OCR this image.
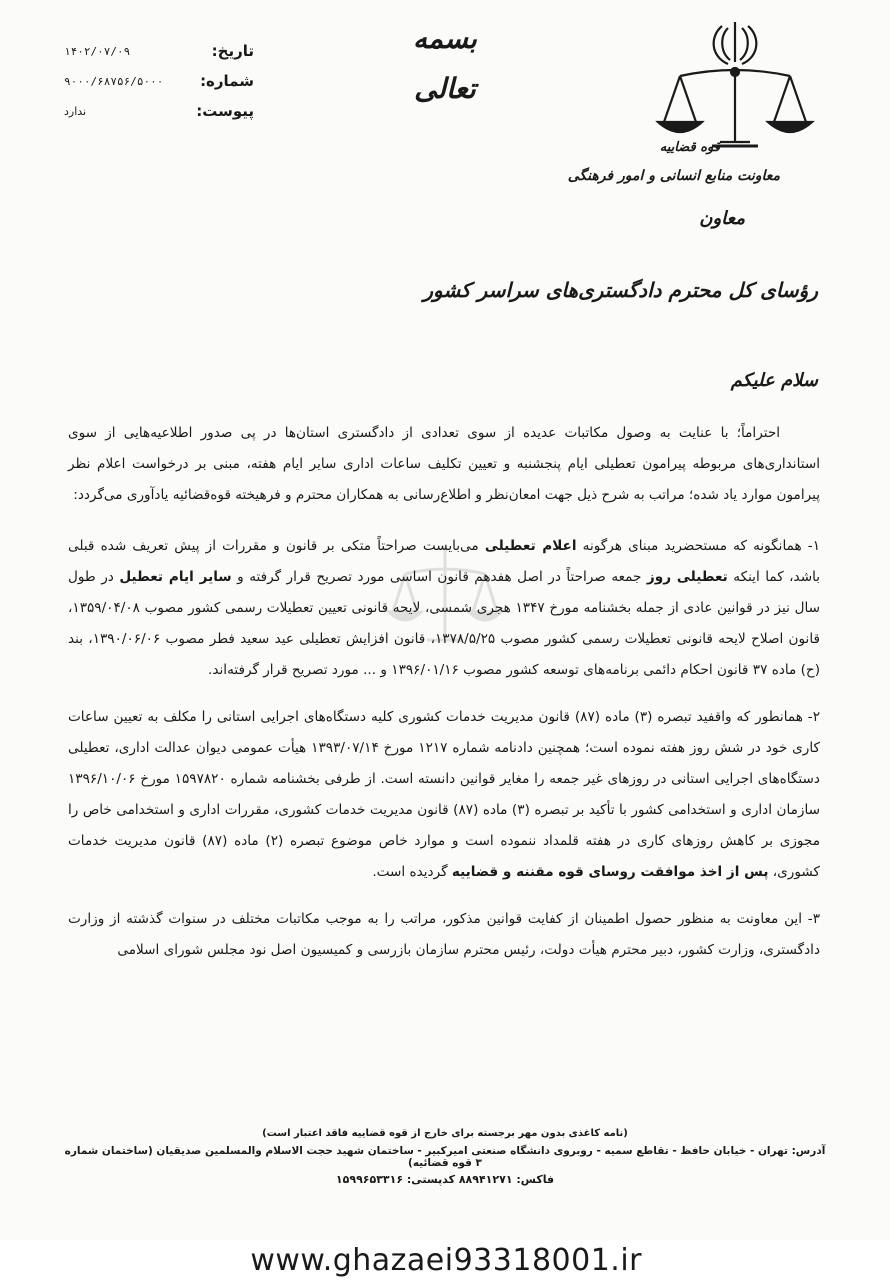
قوه قضاییه
معاونت منابع انسانی و امور فرهنگی
معاون
بسمه تعالی
تاریخ:
۱۴۰۲/۰۷/۰۹
شماره:
۹۰۰۰/۶۸۷۵۶/۵۰۰۰
پیوست:
ندارد
رؤسای کل محترم دادگستری‌های سراسر کشور
سلام علیکم

احتراماً؛ با عنایت به وصول مکاتبات عدیده از سوی تعدادی از دادگستری استان‌ها در پی صدور اطلاعیه‌هایی از سوی استانداری‌های مربوطه پیرامون تعطیلی ایام پنجشنبه و تعیین تکلیف ساعات اداری سایر ایام هفته، مبنی بر درخواست اعلام نظر پیرامون موارد یاد شده؛ مراتب به شرح ذیل جهت امعان‌نظر و اطلاع‌رسانی به همکاران محترم و فرهیخته قوه‌قضائیه یادآوری می‌گردد:

۱- همانگونه که مستحضرید مبنای هرگونه اعلام تعطیلی می‌بایست صراحتاً متکی بر قانون و مقررات از پیش تعریف شده قبلی باشد، کما اینکه تعطیلی روز جمعه صراحتاً در اصل هفدهم قانون اساسی مورد تصریح قرار گرفته و سایر ایام تعطیل در طول سال نیز در قوانین عادی از جمله بخشنامه مورخ ۱۳۴۷ هجری شمسی، لایحه قانونی تعیین تعطیلات رسمی کشور مصوب ۱۳۵۹/۰۴/۰۸، قانون اصلاح لایحه قانونی تعطیلات رسمی کشور مصوب ۱۳۷۸/۵/۲۵، قانون افزایش تعطیلی عید سعید فطر مصوب ۱۳۹۰/۰۶/۰۶، بند (ح) ماده ۳۷ قانون احکام دائمی برنامه‌های توسعه کشور مصوب ۱۳۹۶/۰۱/۱۶ و ... مورد تصریح قرار گرفته‌اند.

۲- همانطور که واقفید تبصره (۳) ماده (۸۷) قانون مدیریت خدمات کشوری کلیه دستگاه‌های اجرایی استانی را مکلف به تعیین ساعات کاری خود در شش روز هفته نموده است؛ همچنین دادنامه شماره ۱۲۱۷ مورخ ۱۳۹۳/۰۷/۱۴ هیأت عمومی دیوان عدالت اداری، تعطیلی دستگاه‌های اجرایی استانی در روزهای غیر جمعه را مغایر قوانین دانسته است. از طرفی بخشنامه شماره ۱۵۹۷۸۲۰ مورخ ۱۳۹۶/۱۰/۰۶ سازمان اداری و استخدامی کشور با تأکید بر تبصره (۳) ماده (۸۷) قانون مدیریت خدمات کشوری، مقررات اداری و استخدامی خاص را مجوزی بر کاهش روزهای کاری در هفته قلمداد ننموده است و موارد خاص موضوع تبصره (۲) ماده (۸۷) قانون مدیریت خدمات کشوری، پس از اخذ موافقت روسای قوه مقننه و قضاییه گردیده است.

۳- این معاونت به منظور حصول اطمینان از کفایت قوانین مذکور، مراتب را به موجب مکاتبات مختلف در سنوات گذشته از وزارت دادگستری، وزارت کشور، دبیر محترم هیأت دولت، رئیس محترم سازمان بازرسی و کمیسیون اصل نود مجلس شورای اسلامی

(نامه کاغذی بدون مهر برجسته برای خارج از قوه قضاییه فاقد اعتبار است)
آدرس: تهران - خیابان حافظ - تقاطع سمیه - روبروی دانشگاه صنعتی امیرکبیر - ساختمان شهید حجت الاسلام والمسلمین صدیقیان (ساختمان شماره ۳ قوه قضائیه)
فاکس: ۸۸۹۴۱۲۷۱ کدپستی: ۱۵۹۹۶۵۳۳۱۶
www.ghazaei93318001.ir
